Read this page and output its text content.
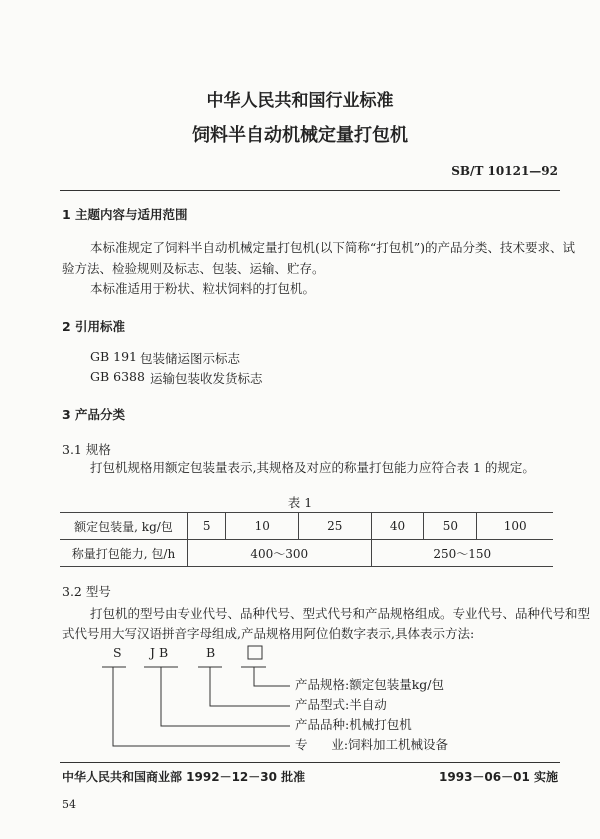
中华人民共和国行业标准
饲料半自动机械定量打包机
SB/T 10121—92
1 主题内容与适用范围
本标准规定了饲料半自动机械定量打包机(以下简称“打包机”)的产品分类、技术要求、试
验方法、检验规则及标志、包装、运输、贮存。
本标准适用于粉状、粒状饲料的打包机。
2 引用标准
GB 191 包装储运图示标志
GB 6388 运输包装收发货标志
3 产品分类
3.1 规格
打包机规格用额定包装量表示,其规格及对应的称量打包能力应符合表 1 的规定。
表 1
额定包装量, kg/包	5	10	25	40	50	100
称量打包能力, 包/h	400～300			250～150		
3.2 型号
打包机的型号由专业代号、品种代号、型式代号和产品规格组成。专业代号、品种代号和型
式代号用大写汉语拼音字母组成,产品规格用阿位伯数字表示,具体表示方法:
S J B	B
产品规格:额定包装量kg/包
产品型式:半自动
产品品种:机械打包机
专      业:饲料加工机械设备
中华人民共和国商业部 1992－12－30 批准	1993－06－01 实施
54
